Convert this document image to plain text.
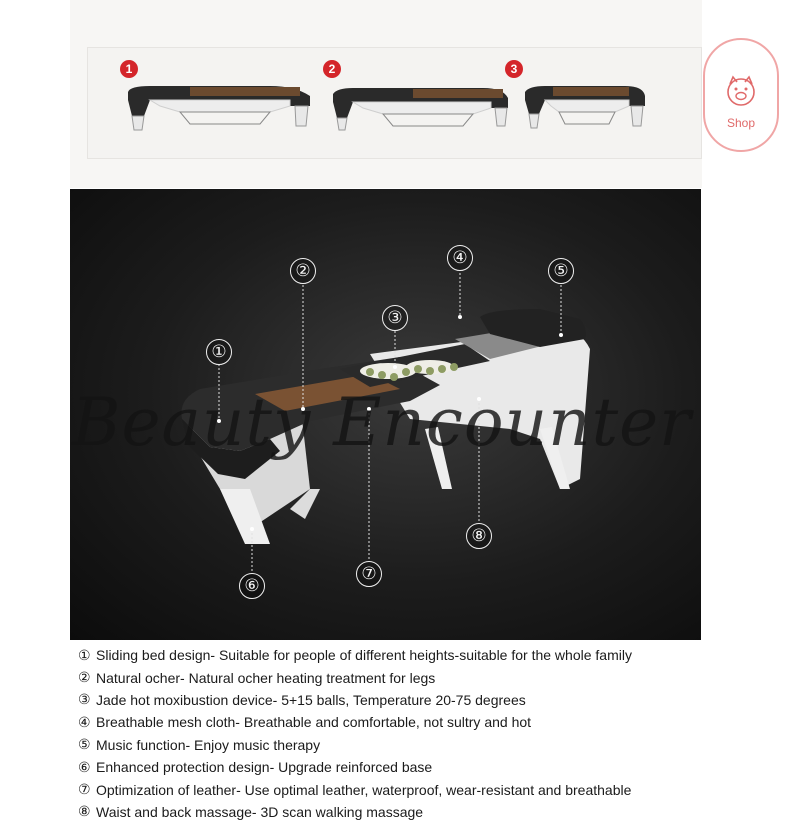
1	2	3
Shop
①
②
③
④
⑤
⑥
⑦
⑧
Beauty Encounter
① Sliding bed design- Suitable for people of different heights-suitable for the whole family
② Natural ocher- Natural ocher heating treatment for legs
③ Jade hot moxibustion device- 5+15 balls, Temperature 20-75 degrees
④ Breathable mesh cloth- Breathable and comfortable, not sultry and hot
⑤ Music function- Enjoy music therapy
⑥ Enhanced protection design- Upgrade reinforced base
⑦ Optimization of leather- Use optimal leather, waterproof, wear-resistant and breathable
⑧ Waist and back massage- 3D scan walking massage
